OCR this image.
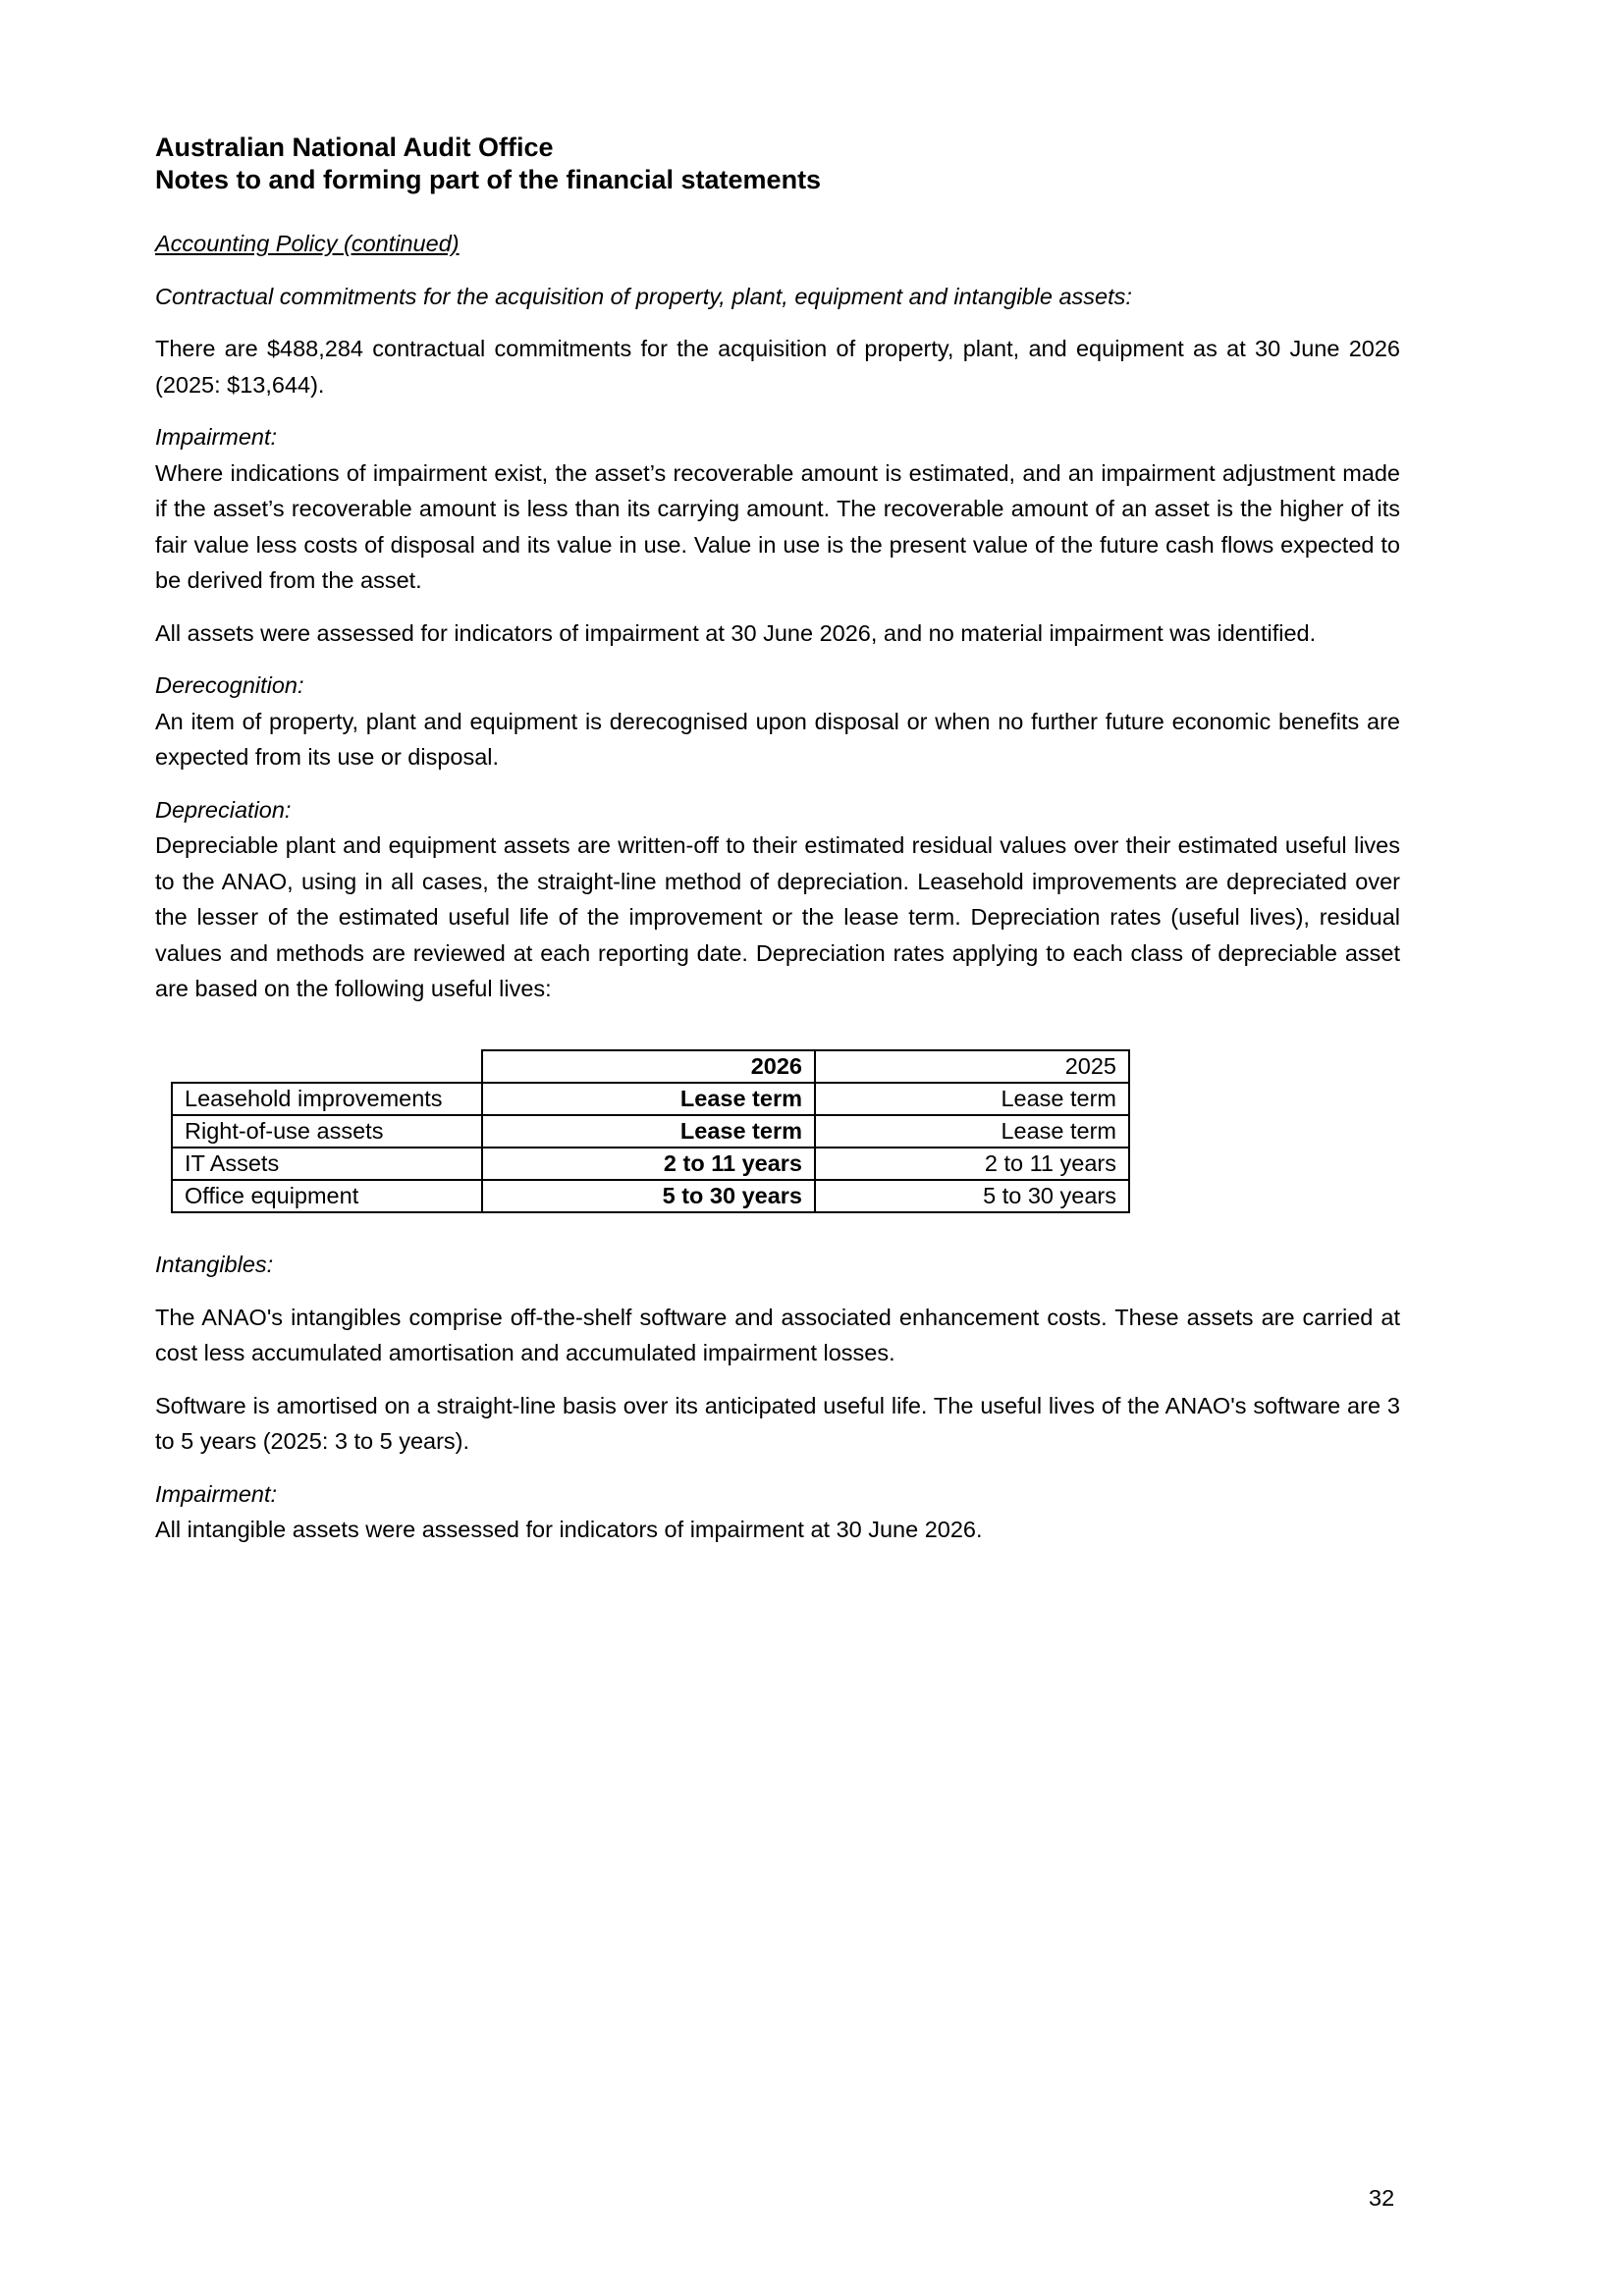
Australian National Audit Office
Notes to and forming part of the financial statements

Accounting Policy (continued)

Contractual commitments for the acquisition of property, plant, equipment and intangible assets:

There are $488,284 contractual commitments for the acquisition of property, plant, and equipment as at 30 June 2026 (2025: $13,644).

Impairment:

Where indications of impairment exist, the asset’s recoverable amount is estimated, and an impairment adjustment made if the asset’s recoverable amount is less than its carrying amount. The recoverable amount of an asset is the higher of its fair value less costs of disposal and its value in use. Value in use is the present value of the future cash flows expected to be derived from the asset.

All assets were assessed for indicators of impairment at 30 June 2026, and no material impairment was identified.

Derecognition:

An item of property, plant and equipment is derecognised upon disposal or when no further future economic benefits are expected from its use or disposal.

Depreciation:

Depreciable plant and equipment assets are written-off to their estimated residual values over their estimated useful lives to the ANAO, using in all cases, the straight-line method of depreciation. Leasehold improvements are depreciated over the lesser of the estimated useful life of the improvement or the lease term. Depreciation rates (useful lives), residual values and methods are reviewed at each reporting date. Depreciation rates applying to each class of depreciable asset are based on the following useful lives:

	2026	2025
Leasehold improvements	Lease term	Lease term
Right-of-use assets	Lease term	Lease term
IT Assets	2 to 11 years	2 to 11 years
Office equipment	5 to 30 years	5 to 30 years

Intangibles:

The ANAO's intangibles comprise off-the-shelf software and associated enhancement costs. These assets are carried at cost less accumulated amortisation and accumulated impairment losses.

Software is amortised on a straight-line basis over its anticipated useful life. The useful lives of the ANAO's software are 3 to 5 years (2025: 3 to 5 years).

Impairment:

All intangible assets were assessed for indicators of impairment at 30 June 2026.

32
